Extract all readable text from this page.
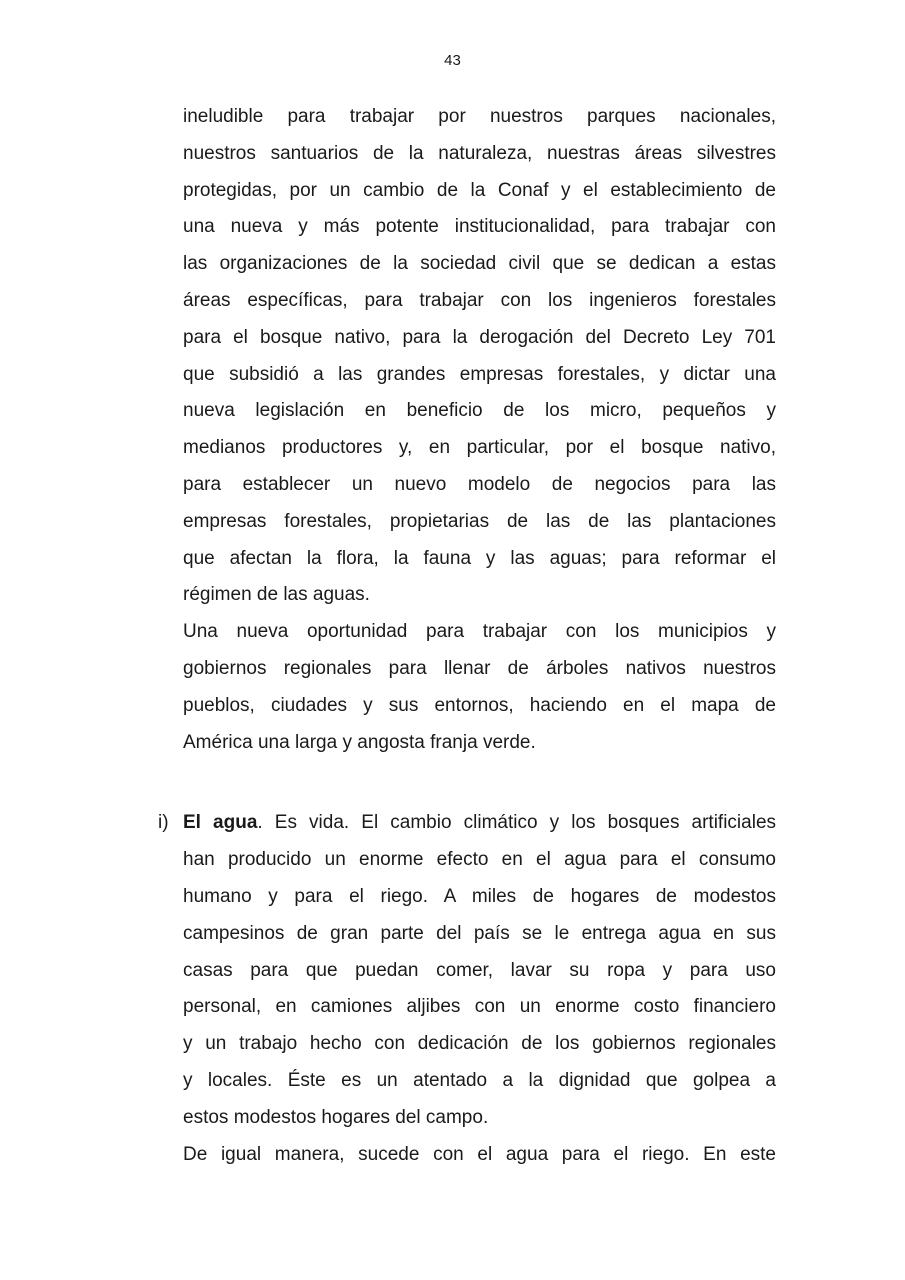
43
ineludible para trabajar por nuestros parques nacionales,
nuestros santuarios de la naturaleza, nuestras áreas silvestres
protegidas, por un cambio de la Conaf y el establecimiento de
una nueva y más potente institucionalidad, para trabajar con
las organizaciones de la sociedad civil que se dedican a estas
áreas específicas, para trabajar con los ingenieros forestales
para el bosque nativo, para la derogación del Decreto Ley 701
que subsidió a las grandes empresas forestales, y dictar una
nueva legislación en beneficio de los micro, pequeños y
medianos productores y, en particular, por el bosque nativo,
para establecer un nuevo modelo de negocios para las
empresas forestales, propietarias de las de las plantaciones
que afectan la flora, la fauna y las aguas; para reformar el
régimen de las aguas.
Una nueva oportunidad para trabajar con los municipios y
gobiernos regionales para llenar de árboles nativos nuestros
pueblos, ciudades y sus entornos, haciendo en el mapa de
América una larga y angosta franja verde.
i) El agua. Es vida. El cambio climático y los bosques artificiales
han producido un enorme efecto en el agua para el consumo
humano y para el riego. A miles de hogares de modestos
campesinos de gran parte del país se le entrega agua en sus
casas para que puedan comer, lavar su ropa y para uso
personal, en camiones aljibes con un enorme costo financiero
y un trabajo hecho con dedicación de los gobiernos regionales
y locales. Éste es un atentado a la dignidad que golpea a
estos modestos hogares del campo.
De igual manera, sucede con el agua para el riego. En este
